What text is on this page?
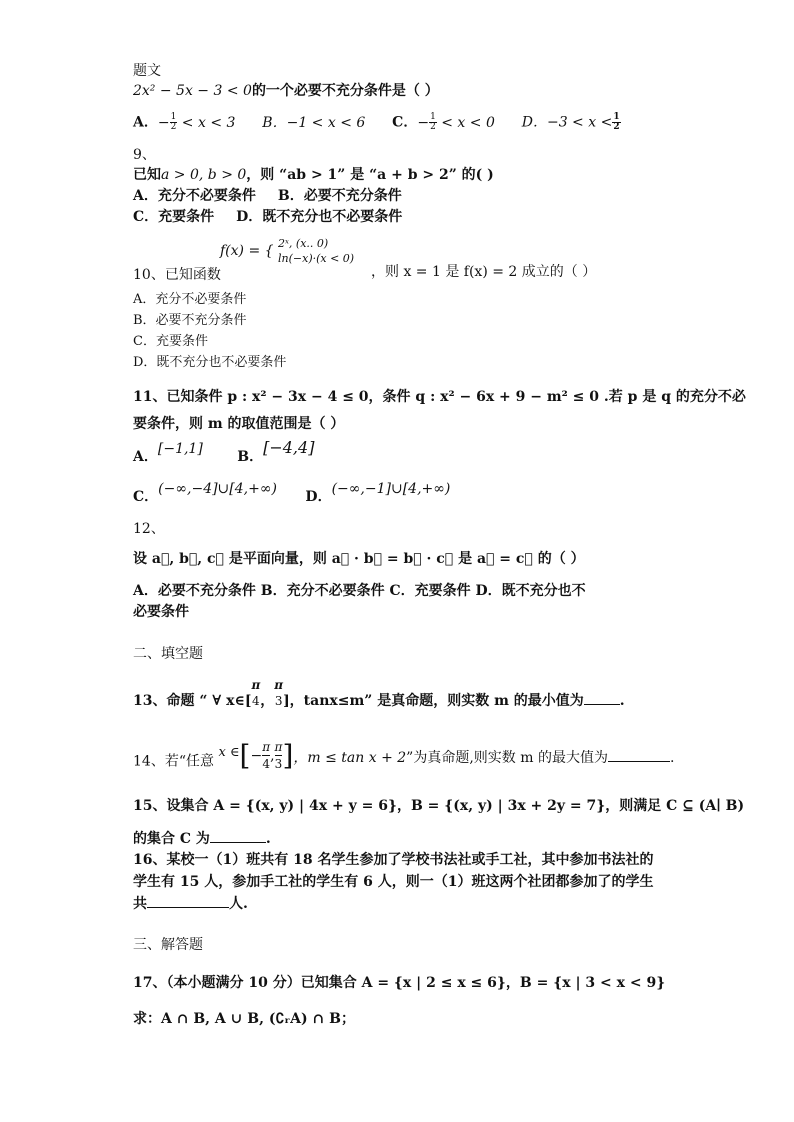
题文
2x² − 5x − 3 < 0的一个必要不充分条件是（ ）
A．− $\frac{1}{2} < x < 3$ B．−1 < x < 6 C．− $\frac{1}{2} < x < 0$ D．$-3 < x < \frac{1}{2}$
9、
已知a > 0, b > 0，则 “ab > 1” 是 “a + b > 2” 的( )
A．充分不必要条件 B．必要不充分条件
C．充要条件 D．既不充分也不必要条件
f(x) = { 2ˣ, (x.. 0)
ln(−x)·(x < 0)
10、已知函数	，则 x = 1 是 f(x) = 2 成立的（ ）
A．充分不必要条件
B．必要不充分条件
C．充要条件
D．既不充分也不必要条件
11、已知条件 p : x² − 3x − 4 ≤ 0，条件 q : x² − 6x + 9 − m² ≤ 0 .若 p 是 q 的充分不必
要条件，则 m 的取值范围是（ ）
A．[−1,1] B．[−4,4]
C．(−∞,−4]∪[4,+∞) D．(−∞,−1]∪[4,+∞)
12、
设 a⃗, b⃗, c⃗ 是平面向量，则 a⃗ · b⃗ = b⃗ · c⃗ 是 a⃗ = c⃗ 的（ ）
A．必要不充分条件 B．充分不必要条件 C．充要条件 D．既不充分也不
必要条件
二、填空题
13、命题 “ ∀ x∈[
π
4 ，
π
3 ]，tanx≤m” 是真命题，则实数 m 的最小值为	.
14、若“任意 x ∈[− $\frac{\pi}{4}$ , $\frac{\pi}{3}$ ]，m ≤ tan x + 2”为真命题,则实数 m 的最大值为	.
15、设集合 A = {(x, y) | 4x + y = 6}，B = {(x, y) | 3x + 2y = 7}，则满足 C ⊆ (A∣ B)
的集合 C 为	.
16、某校一（1）班共有 18 名学生参加了学校书法社或手工社，其中参加书法社的
学生有 15 人，参加手工社的学生有 6 人，则一（1）班这两个社团都参加了的学生
共	人.
三、解答题
17、（本小题满分 10 分）已知集合 A = {x | 2 ≤ x ≤ 6}，B = {x | 3 < x < 9}
求：A ∩ B, A ∪ B, (∁ᵣA) ∩ B；
